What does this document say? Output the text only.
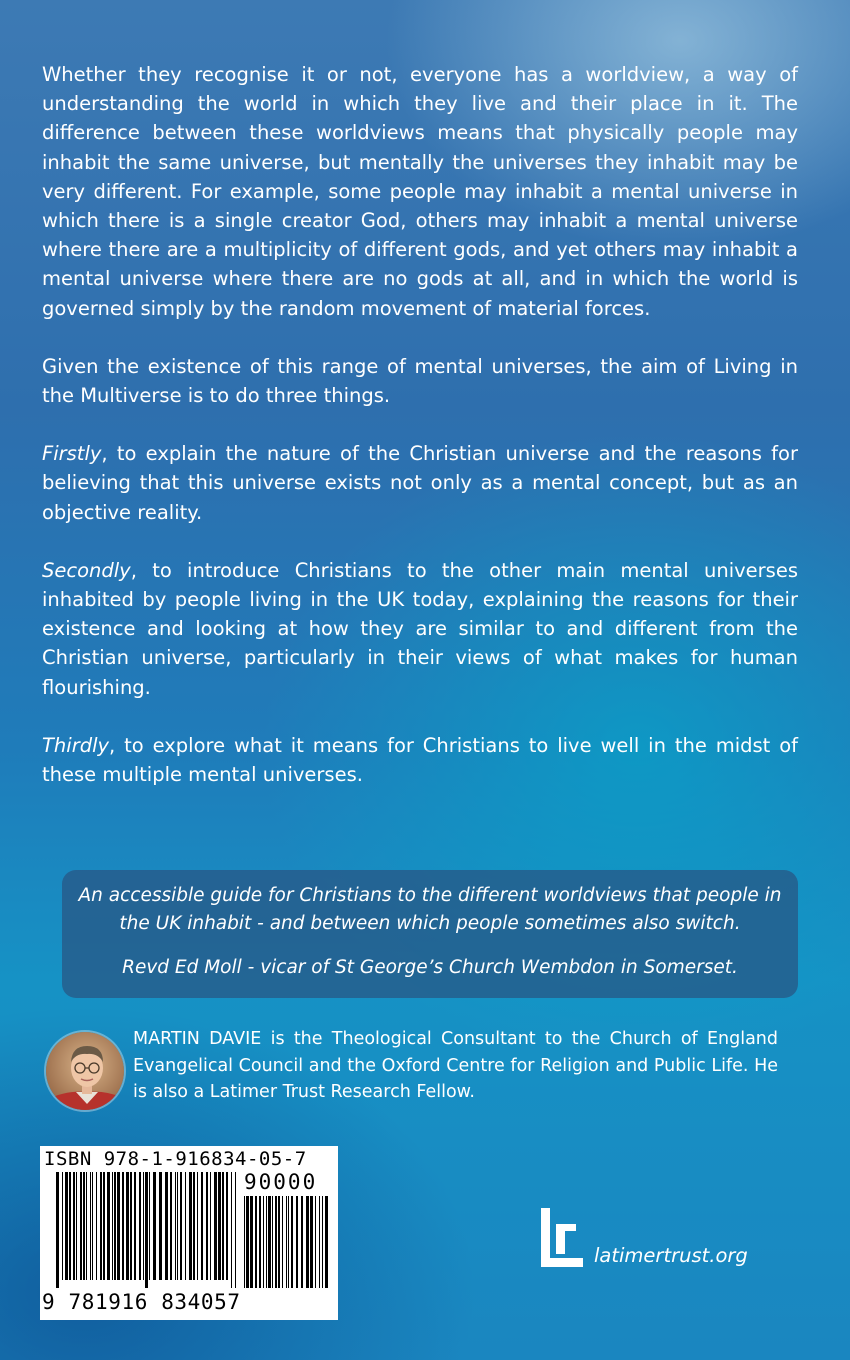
Whether they recognise it or not, everyone has a worldview, a way of understanding the world in which they live and their place in it. The difference between these worldviews means that physically people may inhabit the same universe, but mentally the universes they inhabit may be very different. For example, some people may inhabit a mental universe in which there is a single creator God, others may inhabit a mental universe where there are a multiplicity of different gods, and yet others may inhabit a mental universe where there are no gods at all, and in which the world is governed simply by the random movement of material forces.

Given the existence of this range of mental universes, the aim of Living in the Multiverse is to do three things.

Firstly, to explain the nature of the Christian universe and the reasons for believing that this universe exists not only as a mental concept, but as an objective reality.

Secondly, to introduce Christians to the other main mental universes inhabited by people living in the UK today, explaining the reasons for their existence and looking at how they are similar to and different from the Christian universe, particularly in their views of what makes for human flourishing.

Thirdly, to explore what it means for Christians to live well in the midst of these multiple mental universes.

An accessible guide for Christians to the different worldviews that people in the UK inhabit - and between which people sometimes also switch.

Revd Ed Moll - vicar of St George’s Church Wembdon in Somerset.

MARTIN DAVIE is the Theological Consultant to the Church of England Evangelical Council and the Oxford Centre for Religion and Public Life. He is also a Latimer Trust Research Fellow.
ISBN 978-1-916834-05-7
90000
9 781916 834057
latimertrust.org
